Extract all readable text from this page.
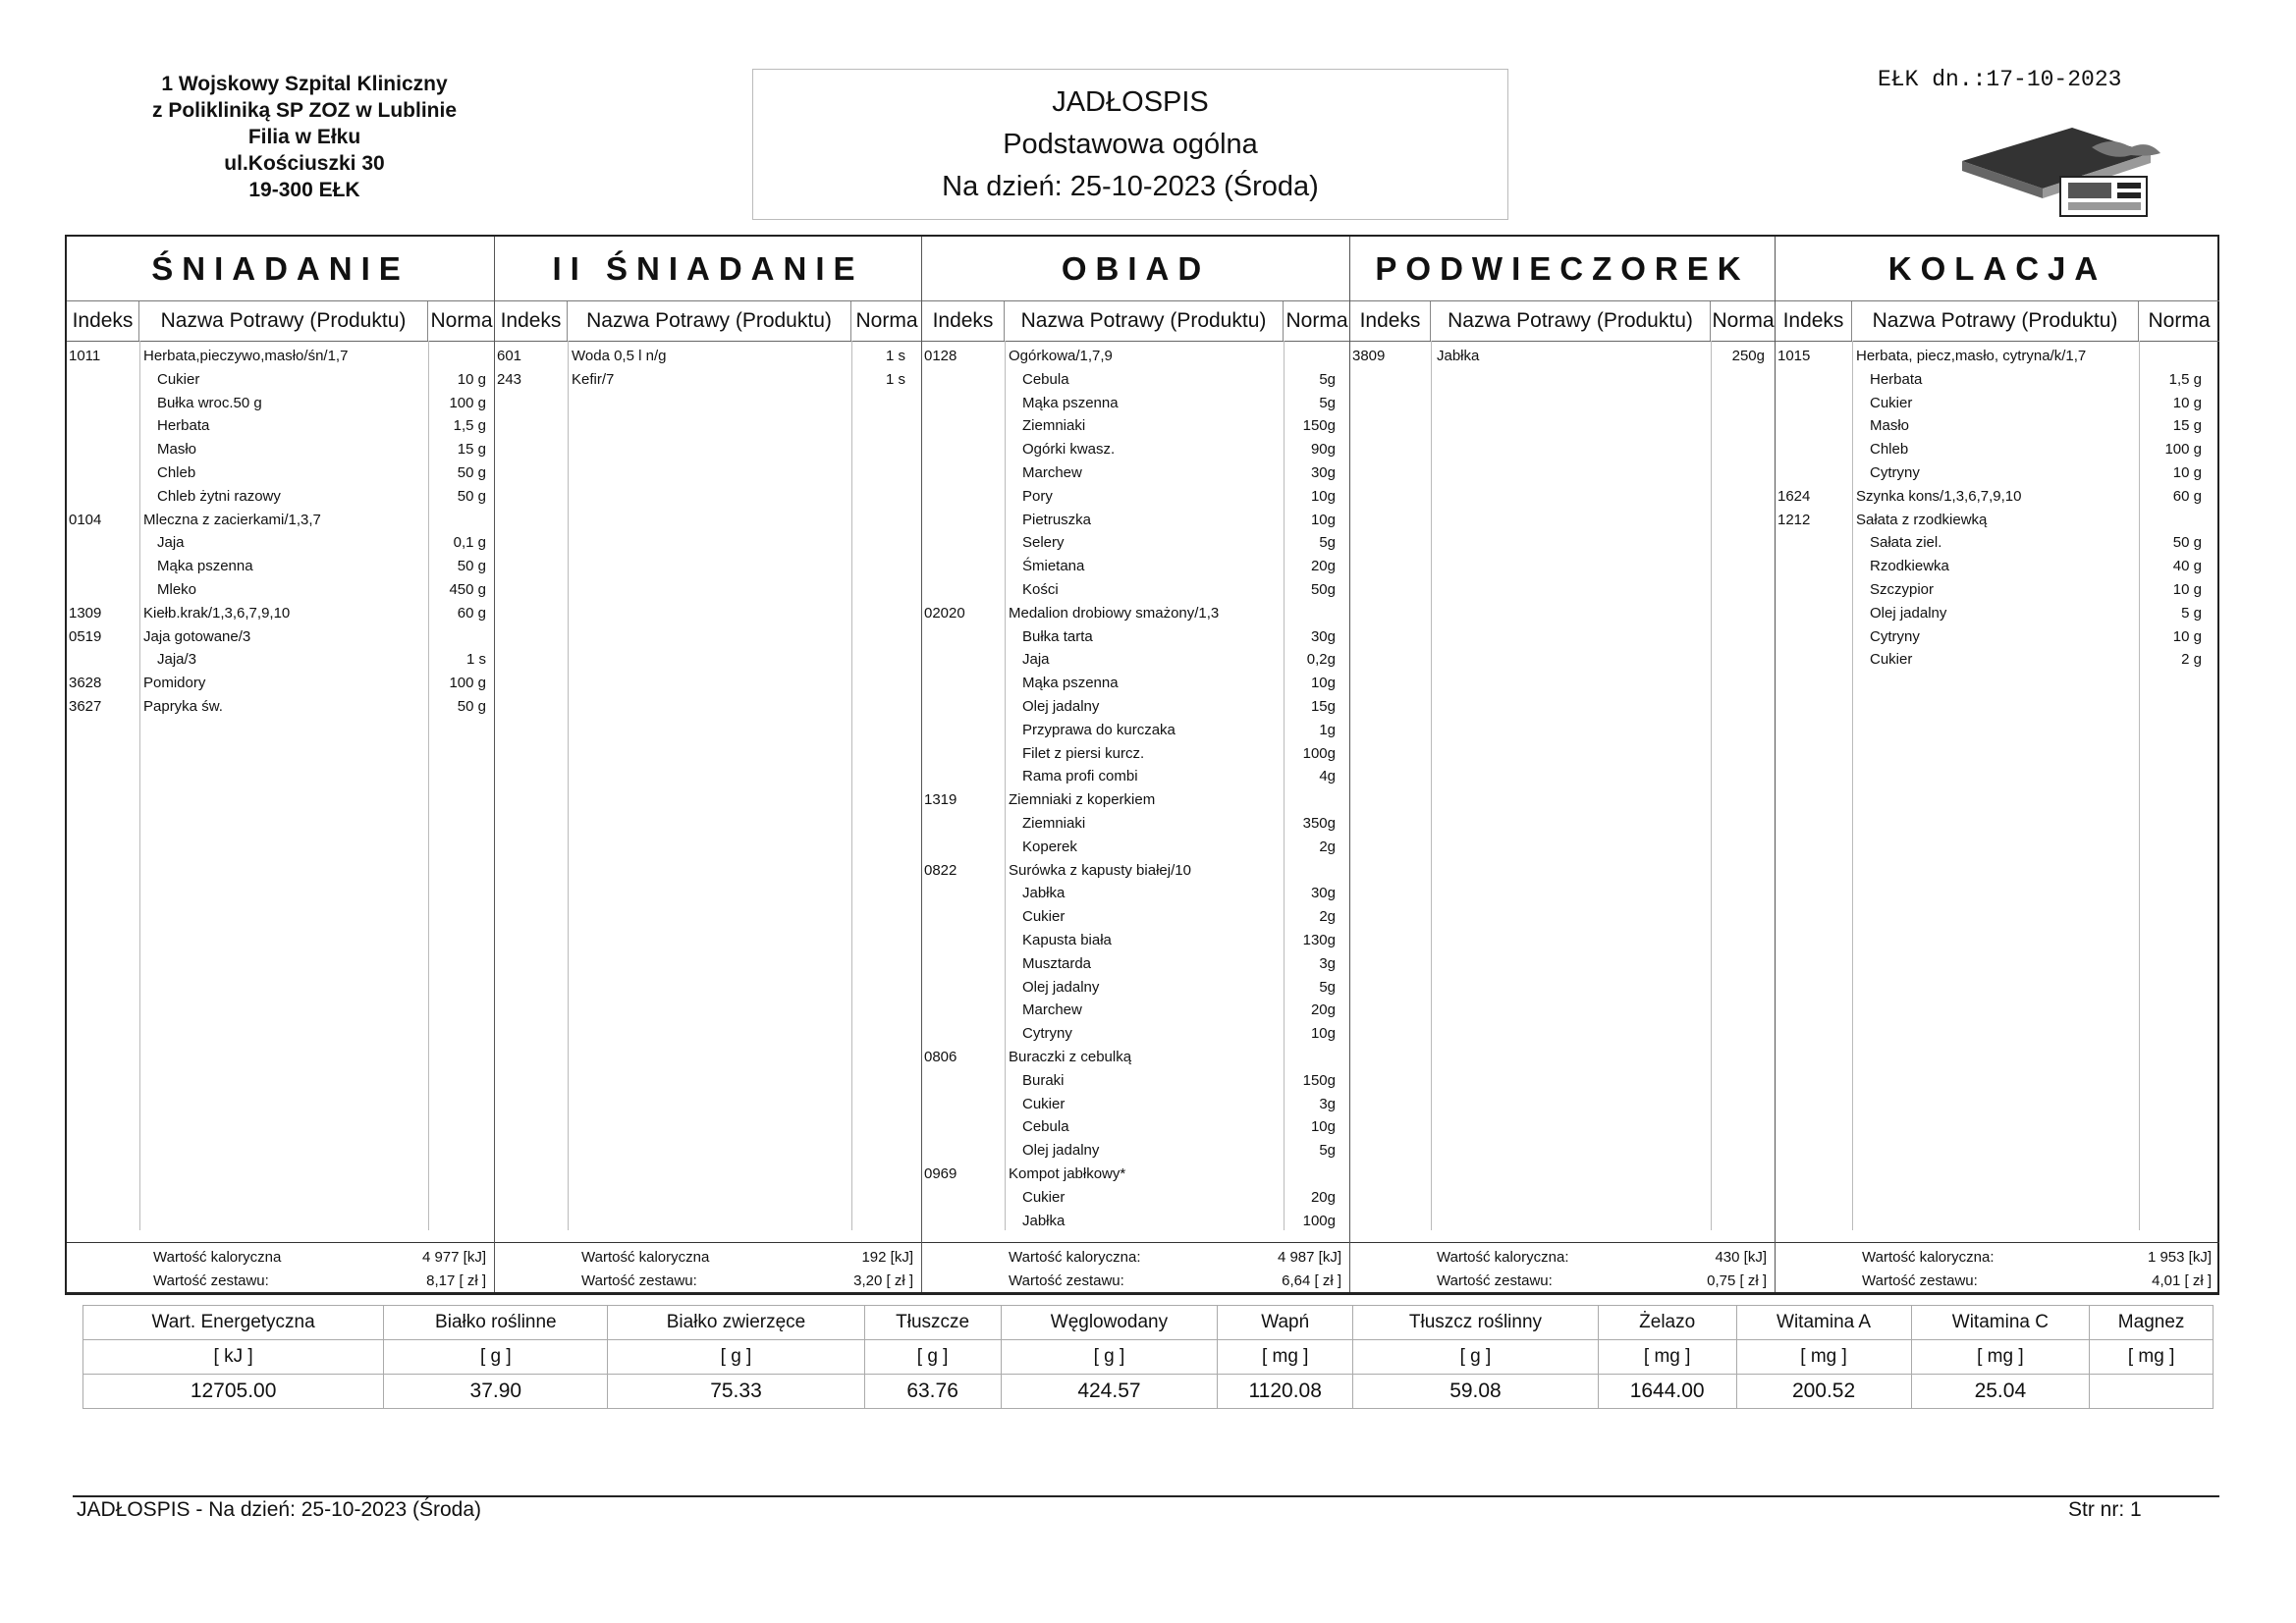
1 Wojskowy Szpital Kliniczny
z Polikliniką SP ZOZ w Lublinie
Filia w Ełku
ul.Kościuszki 30
19-300 EŁK
JADŁOSPIS
Podstawowa ogólna
Na dzień: 25-10-2023 (Środa)
EŁK dn.:17-10-2023
ŚNIADANIE
Indeks	Nazwa Potrawy (Produktu)	Norma
1011	Herbata,pieczywo,masło/śn/1,7
Cukier	10 g
Bułka wroc.50 g	100 g
Herbata	1,5 g
Masło	15 g
Chleb	50 g
Chleb żytni razowy	50 g
0104	Mleczna z zacierkami/1,3,7
Jaja	0,1 g
Mąka pszenna	50 g
Mleko	450 g
1309	Kiełb.krak/1,3,6,7,9,10	60 g
0519	Jaja gotowane/3
Jaja/3	1 s
3628	Pomidory	100 g
3627	Papryka św.	50 g
Wartość kaloryczna	4 977 [kJ]
Wartość zestawu:	8,17 [ zł ]
II ŚNIADANIE
Indeks	Nazwa Potrawy (Produktu)	Norma
601	Woda 0,5 l n/g	1 s
243	Kefir/7	1 s
Wartość kaloryczna	192 [kJ]
Wartość zestawu:	3,20 [ zł ]
OBIAD
Indeks	Nazwa Potrawy (Produktu) Norma
0128	Ogórkowa/1,7,9
Cebula	5g
Mąka pszenna	5g
Ziemniaki	150g
Ogórki kwasz.	90g
Marchew	30g
Pory	10g
Pietruszka	10g
Selery	5g
Śmietana	20g
Kości	50g
02020	Medalion drobiowy smażony/1,3
Bułka tarta	30g
Jaja	0,2g
Mąka pszenna	10g
Olej jadalny	15g
Przyprawa do kurczaka	1g
Filet z piersi kurcz.	100g
Rama profi combi	4g
1319	Ziemniaki z koperkiem
Ziemniaki	350g
Koperek	2g
0822	Surówka z kapusty białej/10
Jabłka	30g
Cukier	2g
Kapusta biała	130g
Musztarda	3g
Olej jadalny	5g
Marchew	20g
Cytryny	10g
0806	Buraczki z cebulką
Buraki	150g
Cukier	3g
Cebula	10g
Olej jadalny	5g
0969	Kompot jabłkowy*
Cukier	20g
Jabłka	100g
Wartość kaloryczna:	4 987 [kJ]
Wartość zestawu:	6,64 [ zł ]
PODWIECZOREK
Indeks	Nazwa Potrawy (Produktu) Norma
3809	Jabłka	250g
Wartość kaloryczna:	430 [kJ]
Wartość zestawu:	0,75 [ zł ]
KOLACJA
Indeks	Nazwa Potrawy (Produktu)	Norma
1015	Herbata, piecz,masło, cytryna/k/1,7
Herbata	1,5 g
Cukier	10 g
Masło	15 g
Chleb	100 g
Cytryny	10 g
1624	Szynka kons/1,3,6,7,9,10	60 g
1212	Sałata z rzodkiewką
Sałata ziel.	50 g
Rzodkiewka	40 g
Szczypior	10 g
Olej jadalny	5 g
Cytryny	10 g
Cukier	2 g
Wartość kaloryczna:	1 953 [kJ]
Wartość zestawu:	4,01 [ zł ]
Wart. Energetyczna	Białko roślinne	Białko zwierzęce	Tłuszcze	Węglowodany	Wapń	Tłuszcz roślinny	Żelazo	Witamina A	Witamina C	Magnez
[ kJ ]	[ g ]	[ g ]	[ g ]	[ g ]	[ mg ]	[ g ]	[ mg ]	[ mg ]	[ mg ]	[ mg ]
12705.00	37.90	75.33	63.76	424.57	1120.08	59.08	1644.00	200.52	25.04	
JADŁOSPIS - Na dzień: 25-10-2023 (Środa)	Str nr: 1
